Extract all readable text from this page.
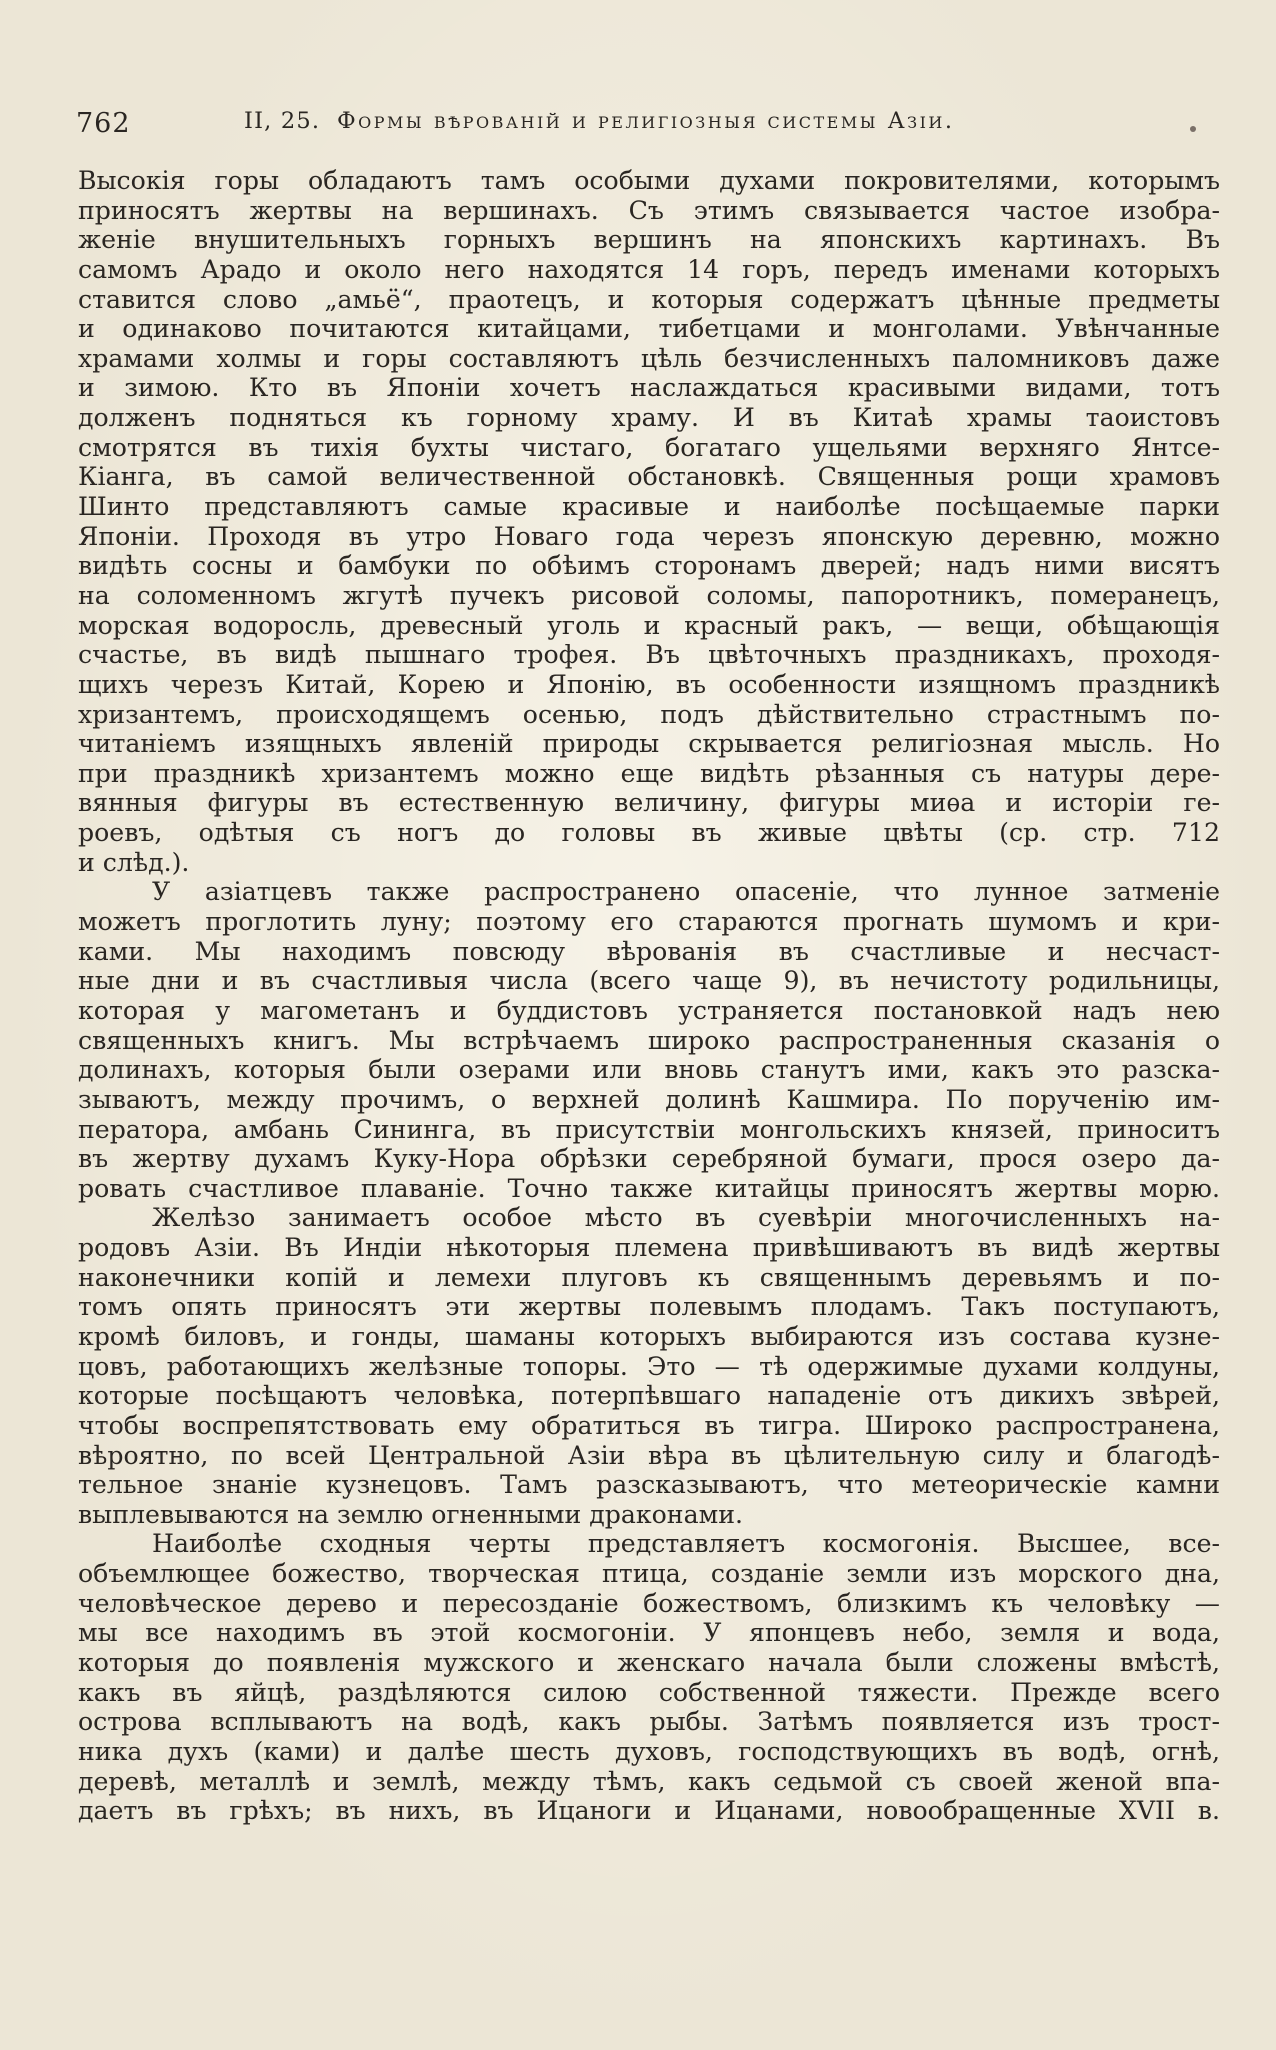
762	II, 25. Формы вѣрованій и религіозныя системы Азіи.
Высокія горы обладаютъ тамъ особыми духами покровителями, которымъ
приносятъ жертвы на вершинахъ. Съ этимъ связывается частое изобра-
женіе внушительныхъ горныхъ вершинъ на японскихъ картинахъ. Въ
самомъ Арадо и около него находятся 14 горъ, передъ именами которыхъ
ставится слово „амьё“, праотецъ, и которыя содержатъ цѣнные предметы
и одинаково почитаются китайцами, тибетцами и монголами. Увѣнчанные
храмами холмы и горы составляютъ цѣль безчисленныхъ паломниковъ даже
и зимою. Кто въ Японіи хочетъ наслаждаться красивыми видами, тотъ
долженъ подняться къ горному храму. И въ Китаѣ храмы таоистовъ
смотрятся въ тихія бухты чистаго, богатаго ущельями верхняго Янтсе-
Кіанга, въ самой величественной обстановкѣ. Священныя рощи храмовъ
Шинто представляютъ самые красивые и наиболѣе посѣщаемые парки
Японіи. Проходя въ утро Новаго года черезъ японскую деревню, можно
видѣть сосны и бамбуки по обѣимъ сторонамъ дверей; надъ ними висятъ
на соломенномъ жгутѣ пучекъ рисовой соломы, папоротникъ, померанецъ,
морская водоросль, древесный уголь и красный ракъ, — вещи, обѣщающія
счастье, въ видѣ пышнаго трофея. Въ цвѣточныхъ праздникахъ, проходя-
щихъ черезъ Китай, Корею и Японію, въ особенности изящномъ праздникѣ
хризантемъ, происходящемъ осенью, подъ дѣйствительно страстнымъ по-
читаніемъ изящныхъ явленій природы скрывается религіозная мысль. Но
при праздникѣ хризантемъ можно еще видѣть рѣзанныя съ натуры дере-
вянныя фигуры въ естественную величину, фигуры миѳа и исторіи ге-
роевъ, одѣтыя съ ногъ до головы въ живые цвѣты (ср. стр. 712
и слѣд.).
У азіатцевъ также распространено опасеніе, что лунное затменіе
можетъ проглотить луну; поэтому его стараются прогнать шумомъ и кри-
ками. Мы находимъ повсюду вѣрованія въ счастливые и несчаст-
ные дни и въ счастливыя числа (всего чаще 9), въ нечистоту родильницы,
которая у магометанъ и буддистовъ устраняется постановкой надъ нею
священныхъ книгъ. Мы встрѣчаемъ широко распространенныя сказанія о
долинахъ, которыя были озерами или вновь станутъ ими, какъ это разска-
зываютъ, между прочимъ, о верхней долинѣ Кашмира. По порученію им-
ператора, амбань Сининга, въ присутствіи монгольскихъ князей, приноситъ
въ жертву духамъ Куку-Нора обрѣзки серебряной бумаги, прося озеро да-
ровать счастливое плаваніе. Точно также китайцы приносятъ жертвы морю.
Желѣзо занимаетъ особое мѣсто въ суевѣріи многочисленныхъ на-
родовъ Азіи. Въ Индіи нѣкоторыя племена привѣшиваютъ въ видѣ жертвы
наконечники копій и лемехи плуговъ къ священнымъ деревьямъ и по-
томъ опять приносятъ эти жертвы полевымъ плодамъ. Такъ поступаютъ,
кромѣ биловъ, и гонды, шаманы которыхъ выбираются изъ состава кузне-
цовъ, работающихъ желѣзные топоры. Это — тѣ одержимые духами колдуны,
которые посѣщаютъ человѣка, потерпѣвшаго нападеніе отъ дикихъ звѣрей,
чтобы воспрепятствовать ему обратиться въ тигра. Широко распространена,
вѣроятно, по всей Центральной Азіи вѣра въ цѣлительную силу и благодѣ-
тельное знаніе кузнецовъ. Тамъ разсказываютъ, что метеорическіе камни
выплевываются на землю огненными драконами.
Наиболѣе сходныя черты представляетъ космогонія. Высшее, все-
объемлющее божество, творческая птица, созданіе земли изъ морского дна,
человѣческое дерево и пересозданіе божествомъ, близкимъ къ человѣку —
мы все находимъ въ этой космогоніи. У японцевъ небо, земля и вода,
которыя до появленія мужского и женскаго начала были сложены вмѣстѣ,
какъ въ яйцѣ, раздѣляются силою собственной тяжести. Прежде всего
острова всплываютъ на водѣ, какъ рыбы. Затѣмъ появляется изъ трост-
ника духъ (ками) и далѣе шесть духовъ, господствующихъ въ водѣ, огнѣ,
деревѣ, металлѣ и землѣ, между тѣмъ, какъ седьмой съ своей женой впа-
даетъ въ грѣхъ; въ нихъ, въ Ицаноги и Ицанами, новообращенные XVII в.
